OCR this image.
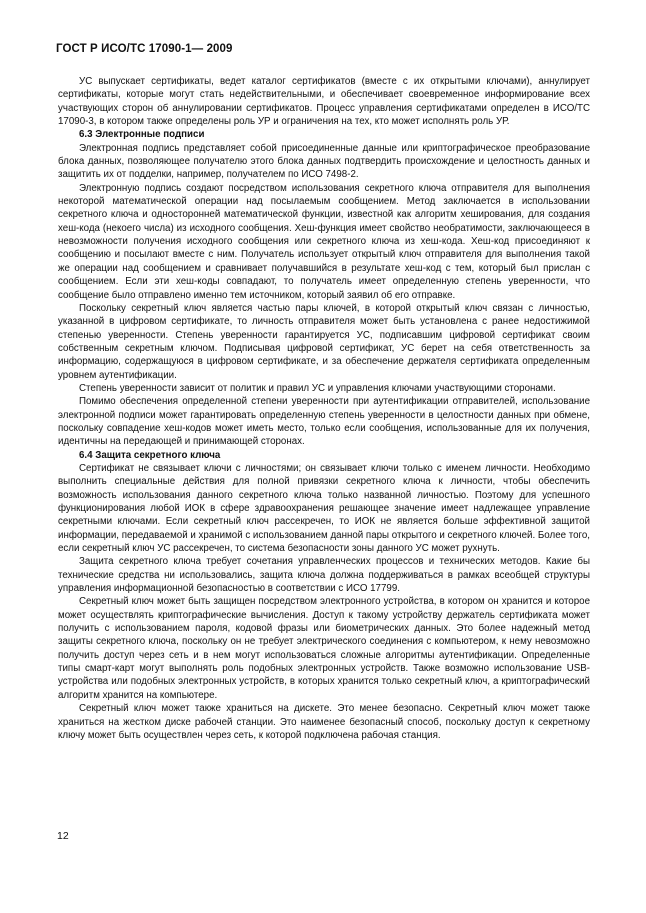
ГОСТ Р ИСО/ТС 17090-1— 2009

УС выпускает сертификаты, ведет каталог сертификатов (вместе с их открытыми ключами), аннулирует сертификаты, которые могут стать недействительными, и обеспечивает своевременное информирование всех участвующих сторон об аннулировании сертификатов. Процесс управления сертификатами определен в ИСО/ТС 17090-3, в котором также определены роль УР и ограничения на тех, кто может исполнять роль УР.

6.3 Электронные подписи

Электронная подпись представляет собой присоединенные данные или криптографическое преобразование блока данных, позволяющее получателю этого блока данных подтвердить происхождение и целостность данных и защитить их от подделки, например, получателем по ИСО 7498-2.

Электронную подпись создают посредством использования секретного ключа отправителя для выполнения некоторой математической операции над посылаемым сообщением. Метод заключается в использовании секретного ключа и односторонней математической функции, известной как алгоритм хеширования, для создания хеш-кода (некоего числа) из исходного сообщения. Хеш-функция имеет свойство необратимости, заключающееся в невозможности получения исходного сообщения или секретного ключа из хеш-кода. Хеш-код присоединяют к сообщению и посылают вместе с ним. Получатель использует открытый ключ отправителя для выполнения такой же операции над сообщением и сравнивает получавшийся в результате хеш-код с тем, который был прислан с сообщением. Если эти хеш-коды совпадают, то получатель имеет определенную степень уверенности, что сообщение было отправлено именно тем источником, который заявил об его отправке.

Поскольку секретный ключ является частью пары ключей, в которой открытый ключ связан с личностью, указанной в цифровом сертификате, то личность отправителя может быть установлена с ранее недостижимой степенью уверенности. Степень уверенности гарантируется УС, подписавшим цифровой сертификат своим собственным секретным ключом. Подписывая цифровой сертификат, УС берет на себя ответственность за информацию, содержащуюся в цифровом сертификате, и за обеспечение держателя сертификата определенным уровнем аутентификации.

Степень уверенности зависит от политик и правил УС и управления ключами участвующими сторонами.

Помимо обеспечения определенной степени уверенности при аутентификации отправителей, использование электронной подписи может гарантировать определенную степень уверенности в целостности данных при обмене, поскольку совпадение хеш-кодов может иметь место, только если сообщения, использованные для их получения, идентичны на передающей и принимающей сторонах.

6.4 Защита секретного ключа

Сертификат не связывает ключи с личностями; он связывает ключи только с именем личности. Необходимо выполнить специальные действия для полной привязки секретного ключа к личности, чтобы обеспечить возможность использования данного секретного ключа только названной личностью. Поэтому для успешного функционирования любой ИОК в сфере здравоохранения решающее значение имеет надлежащее управление секретными ключами. Если секретный ключ рассекречен, то ИОК не является больше эффективной защитой информации, передаваемой и хранимой с использованием данной пары открытого и секретного ключей. Более того, если секретный ключ УС рассекречен, то система безопасности зоны данного УС может рухнуть.

Защита секретного ключа требует сочетания управленческих процессов и технических методов. Какие бы технические средства ни использовались, защита ключа должна поддерживаться в рамках всеобщей структуры управления информационной безопасностью в соответствии с ИСО 17799.

Секретный ключ может быть защищен посредством электронного устройства, в котором он хранится и которое может осуществлять криптографические вычисления. Доступ к такому устройству держатель сертификата может получить с использованием пароля, кодовой фразы или биометрических данных. Это более надежный метод защиты секретного ключа, поскольку он не требует электрического соединения с компьютером, к нему невозможно получить доступ через сеть и в нем могут использоваться сложные алгоритмы аутентификации. Определенные типы смарт-карт могут выполнять роль подобных электронных устройств. Также возможно использование USB-устройства или подобных электронных устройств, в которых хранится только секретный ключ, а криптографический алгоритм хранится на компьютере.

Секретный ключ может также храниться на дискете. Это менее безопасно. Секретный ключ может также храниться на жестком диске рабочей станции. Это наименее безопасный способ, поскольку доступ к секретному ключу может быть осуществлен через сеть, к которой подключена рабочая станция.

12
